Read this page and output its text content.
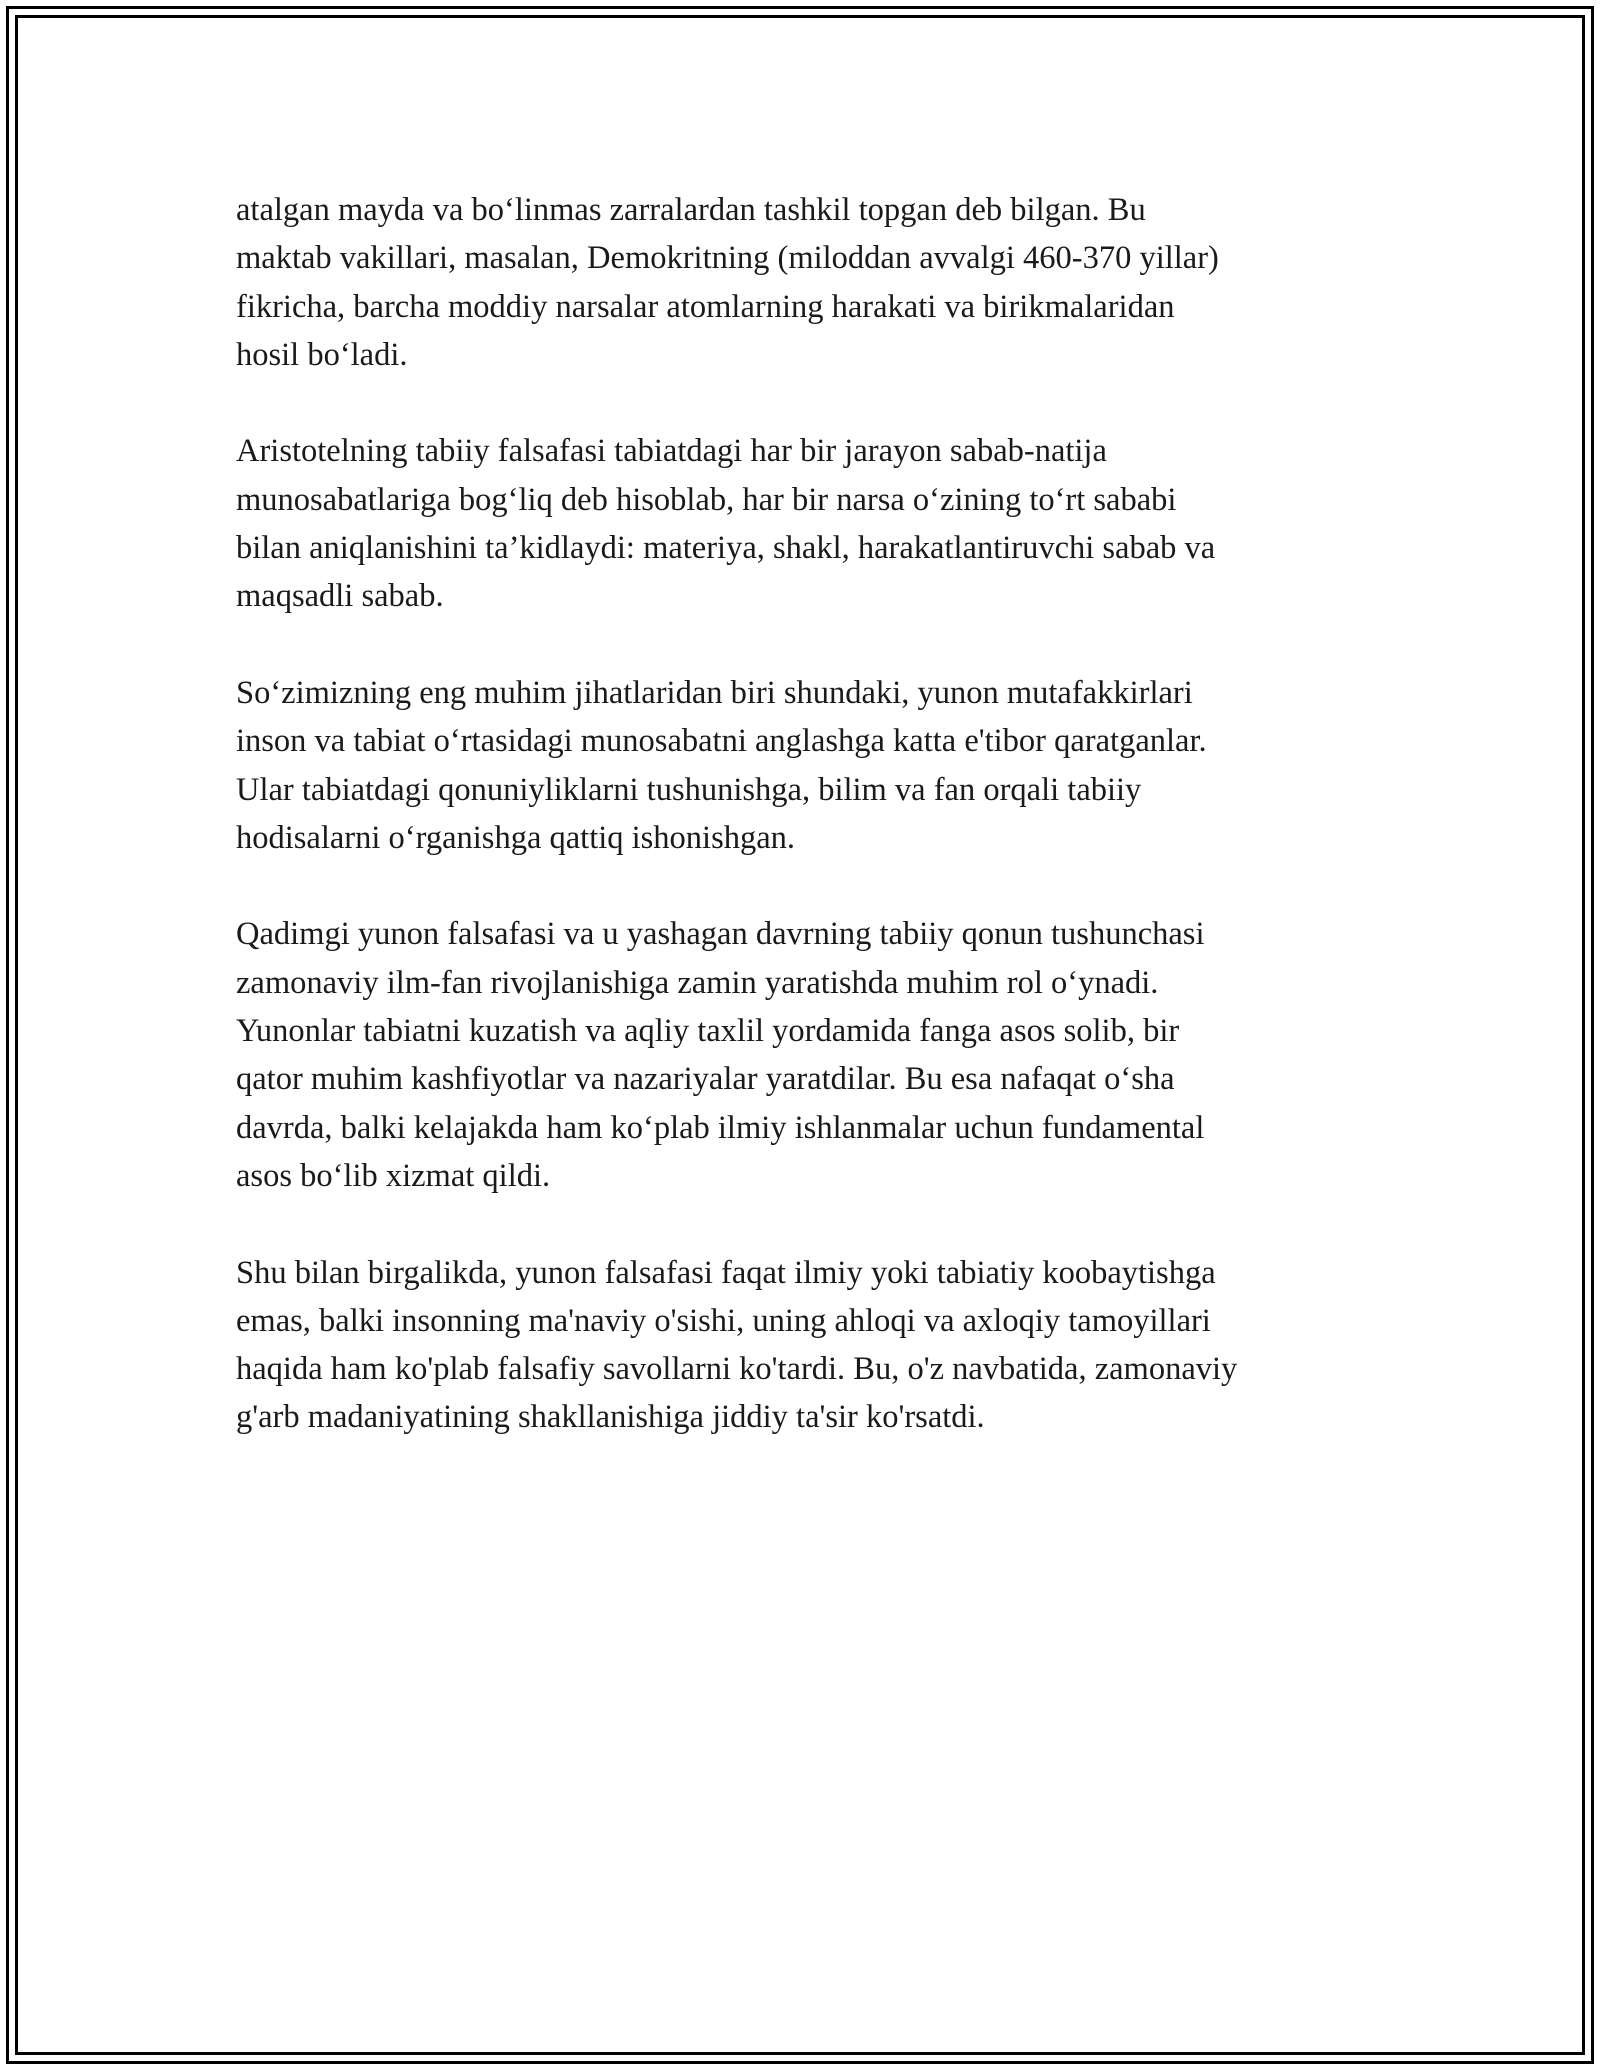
atalgan mayda va bo‘linmas zarralardan tashkil topgan deb bilgan. Bu
maktab vakillari, masalan, Demokritning (miloddan avvalgi 460-370 yillar)
fikricha, barcha moddiy narsalar atomlarning harakati va birikmalaridan
hosil bo‘ladi.

Aristotelning tabiiy falsafasi tabiatdagi har bir jarayon sabab-natija
munosabatlariga bog‘liq deb hisoblab, har bir narsa o‘zining to‘rt sababi
bilan aniqlanishini ta’kidlaydi: materiya, shakl, harakatlantiruvchi sabab va
maqsadli sabab.

So‘zimizning eng muhim jihatlaridan biri shundaki, yunon mutafakkirlari
inson va tabiat o‘rtasidagi munosabatni anglashga katta e'tibor qaratganlar.
Ular tabiatdagi qonuniyliklarni tushunishga, bilim va fan orqali tabiiy
hodisalarni o‘rganishga qattiq ishonishgan.

Qadimgi yunon falsafasi va u yashagan davrning tabiiy qonun tushunchasi
zamonaviy ilm-fan rivojlanishiga zamin yaratishda muhim rol o‘ynadi.
Yunonlar tabiatni kuzatish va aqliy taxlil yordamida fanga asos solib, bir
qator muhim kashfiyotlar va nazariyalar yaratdilar. Bu esa nafaqat o‘sha
davrda, balki kelajakda ham ko‘plab ilmiy ishlanmalar uchun fundamental
asos bo‘lib xizmat qildi.

Shu bilan birgalikda, yunon falsafasi faqat ilmiy yoki tabiatiy koobaytishga
emas, balki insonning ma'naviy o'sishi, uning ahloqi va axloqiy tamoyillari
haqida ham ko'plab falsafiy savollarni ko'tardi. Bu, o'z navbatida, zamonaviy
g'arb madaniyatining shakllanishiga jiddiy ta'sir ko'rsatdi.
